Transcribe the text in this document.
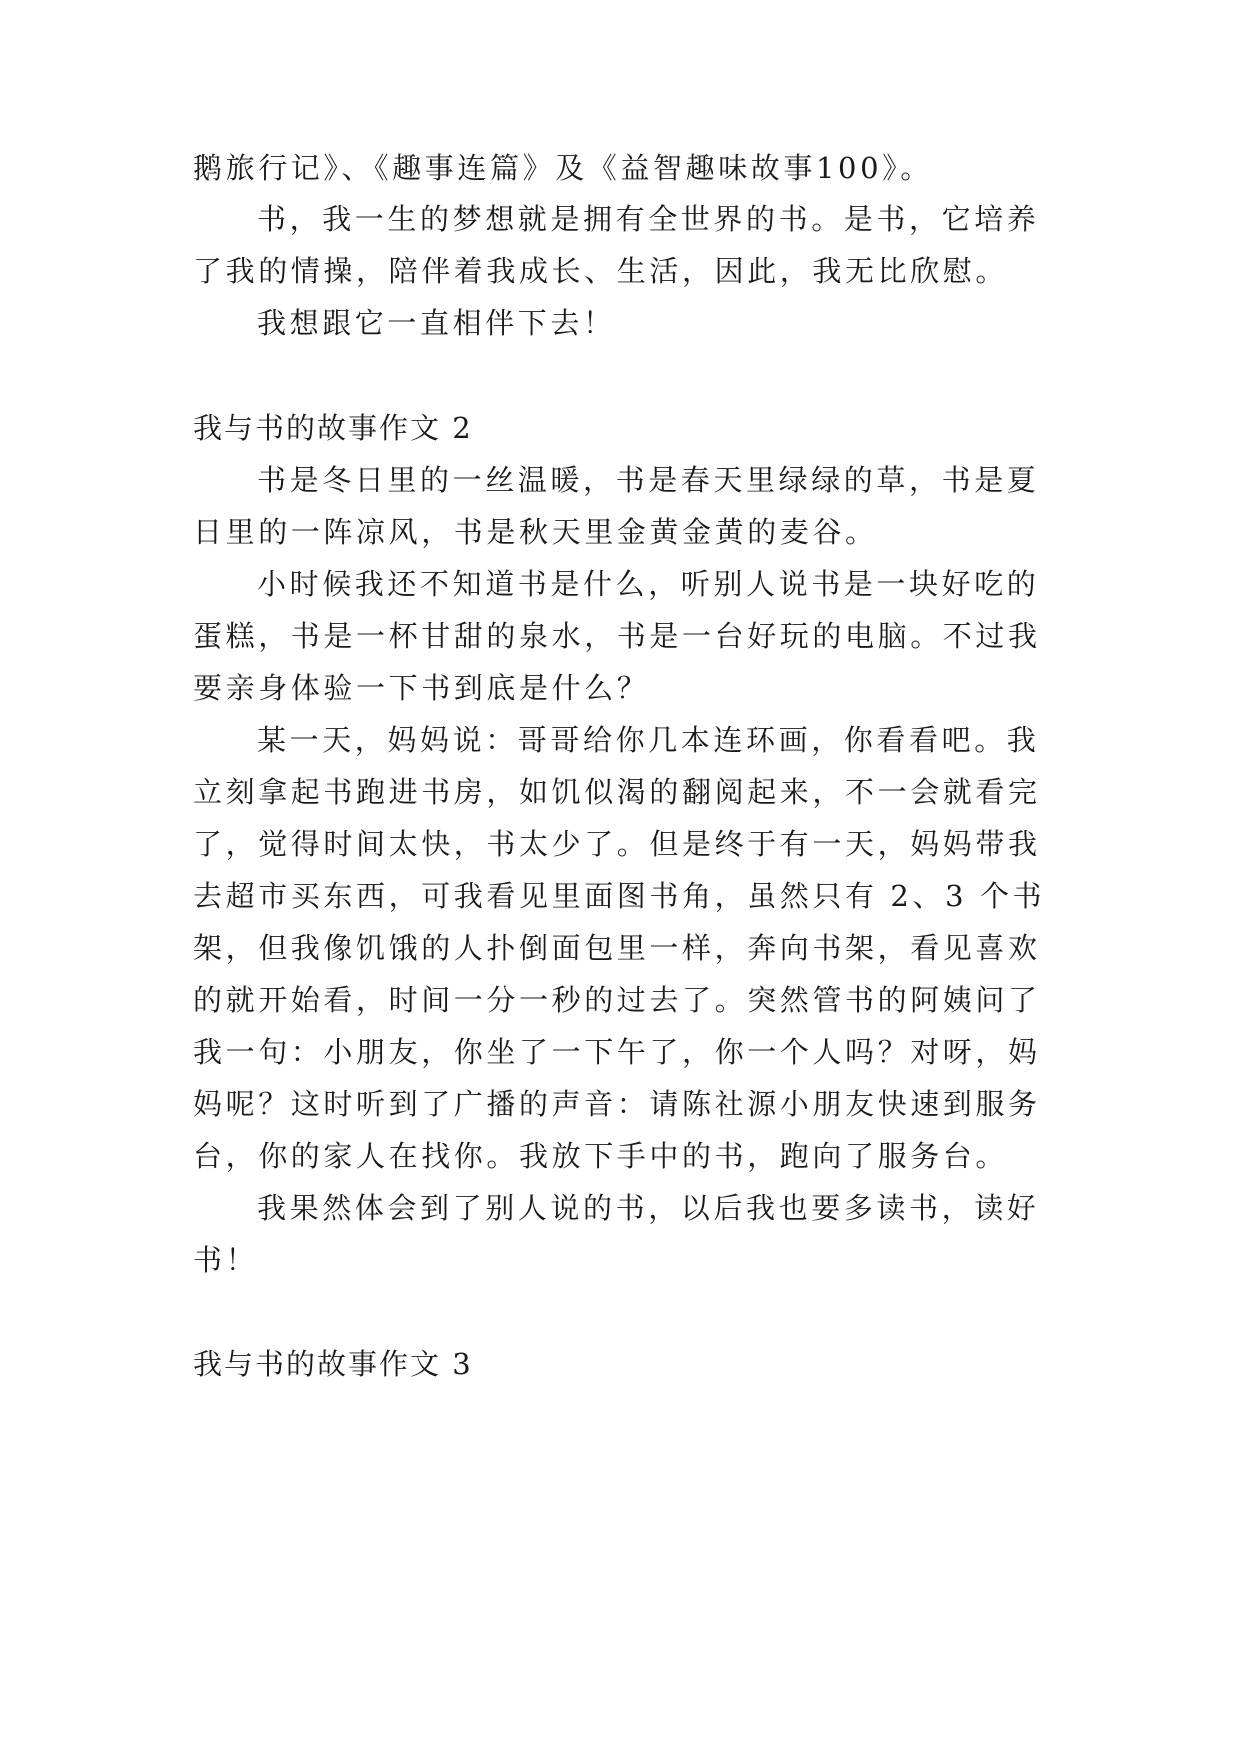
鹅旅行记》、《趣事连篇》及《益智趣味故事100》。
书，我一生的梦想就是拥有全世界的书。是书，它培养
了我的情操，陪伴着我成长、生活，因此，我无比欣慰。
我想跟它一直相伴下去！
我与书的故事作文 2
书是冬日里的一丝温暖，书是春天里绿绿的草，书是夏
日里的一阵凉风，书是秋天里金黄金黄的麦谷。
小时候我还不知道书是什么，听别人说书是一块好吃的
蛋糕，书是一杯甘甜的泉水，书是一台好玩的电脑。不过我
要亲身体验一下书到底是什么？
某一天，妈妈说：哥哥给你几本连环画，你看看吧。我
立刻拿起书跑进书房，如饥似渴的翻阅起来，不一会就看完
了，觉得时间太快，书太少了。但是终于有一天，妈妈带我
去超市买东西，可我看见里面图书角，虽然只有 2、3 个书
架，但我像饥饿的人扑倒面包里一样，奔向书架，看见喜欢
的就开始看，时间一分一秒的过去了。突然管书的阿姨问了
我一句：小朋友，你坐了一下午了，你一个人吗？对呀，妈
妈呢？这时听到了广播的声音：请陈社源小朋友快速到服务
台，你的家人在找你。我放下手中的书，跑向了服务台。
我果然体会到了别人说的书，以后我也要多读书，读好
书！
我与书的故事作文 3
